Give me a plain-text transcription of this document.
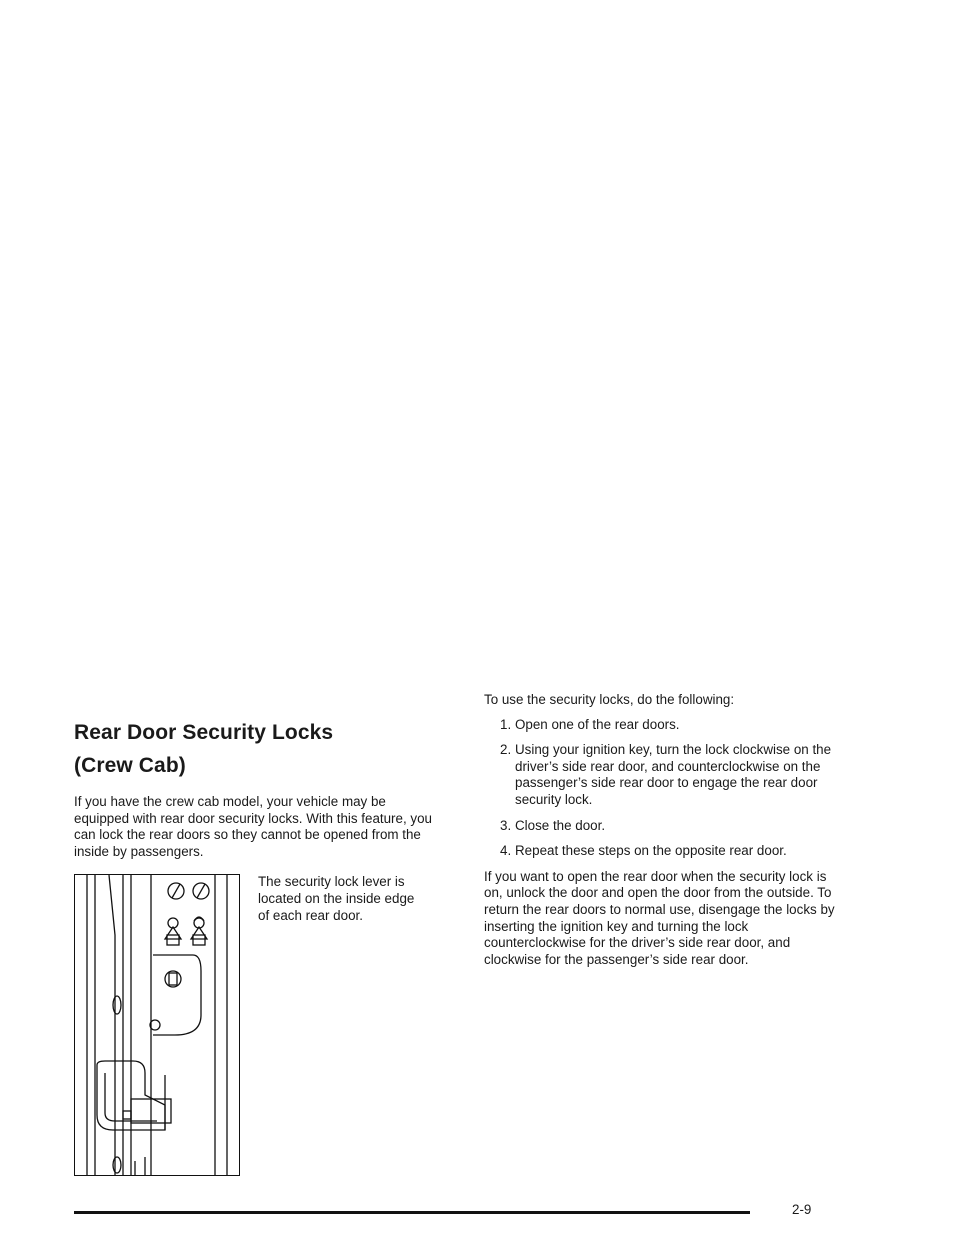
Rear Door Security Locks
(Crew Cab)

If you have the crew cab model, your vehicle may be equipped with rear door security locks. With this feature, you can lock the rear doors so they cannot be opened from the inside by passengers.

The security lock lever is located on the inside edge of each rear door.

To use the security locks, do the following:

1. Open one of the rear doors.
2. Using your ignition key, turn the lock clockwise on the driver’s side rear door, and counterclockwise on the passenger’s side rear door to engage the rear door security lock.
3. Close the door.
4. Repeat these steps on the opposite rear door.

If you want to open the rear door when the security lock is on, unlock the door and open the door from the outside. To return the rear doors to normal use, disengage the locks by inserting the ignition key and turning the lock counterclockwise for the driver’s side rear door, and clockwise for the passenger’s side rear door.

2-9
